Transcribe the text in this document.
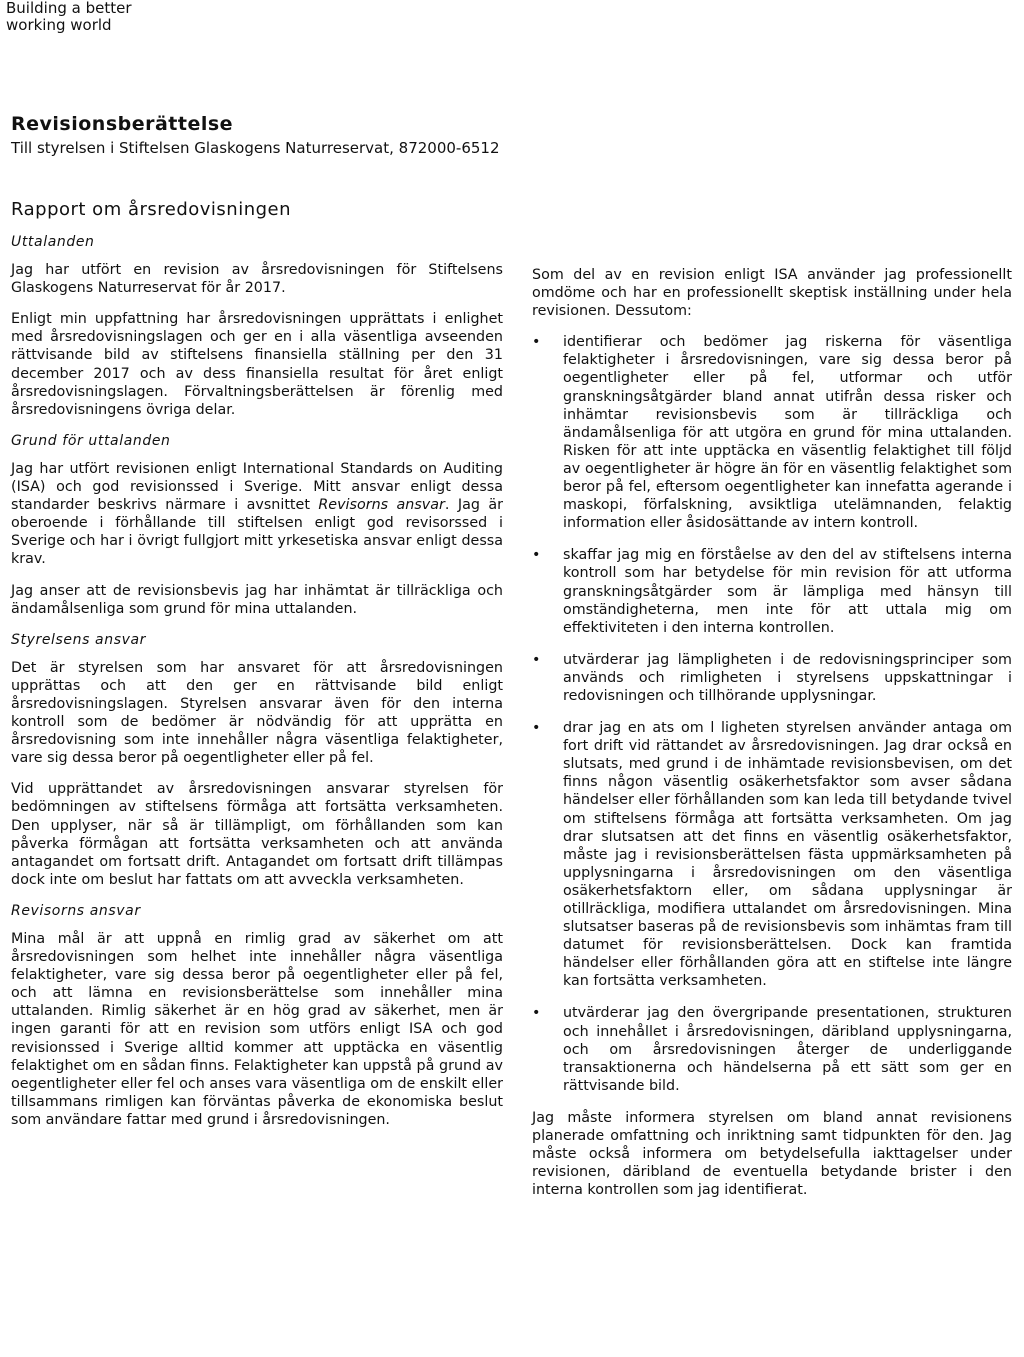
Building a better
working world
Revisionsberättelse
Till styrelsen i Stiftelsen Glaskogens Naturreservat, 872000-6512
Rapport om årsredovisningen
Uttalanden

Jag har utfört en revision av årsredovisningen för Stiftelsens Glaskogens Naturreservat för år 2017.

Enligt min uppfattning har årsredovisningen upprättats i enlighet med årsredovisningslagen och ger en i alla väsentliga avseenden rättvisande bild av stiftelsens finansiella ställning per den 31 december 2017 och av dess finansiella resultat för året enligt årsredovisningslagen. Förvaltningsberättelsen är förenlig med årsredovisningens övriga delar.

Grund för uttalanden

Jag har utfört revisionen enligt International Standards on Auditing (ISA) och god revisionssed i Sverige. Mitt ansvar enligt dessa standarder beskrivs närmare i avsnittet Revisorns ansvar. Jag är oberoende i förhållande till stiftelsen enligt god revisorssed i Sverige och har i övrigt fullgjort mitt yrkesetiska ansvar enligt dessa krav.

Jag anser att de revisionsbevis jag har inhämtat är tillräckliga och ändamålsenliga som grund för mina uttalanden.

Styrelsens ansvar

Det är styrelsen som har ansvaret för att årsredovisningen upprättas och att den ger en rättvisande bild enligt årsredovisningslagen. Styrelsen ansvarar även för den interna kontroll som de bedömer är nödvändig för att upprätta en årsredovisning som inte innehåller några väsentliga felaktigheter, vare sig dessa beror på oegentligheter eller på fel.

Vid upprättandet av årsredovisningen ansvarar styrelsen för bedömningen av stiftelsens förmåga att fortsätta verksamheten. Den upplyser, när så är tillämpligt, om förhållanden som kan påverka förmågan att fortsätta verksamheten och att använda antagandet om fortsatt drift. Antagandet om fortsatt drift tillämpas dock inte om beslut har fattats om att avveckla verksamheten.

Revisorns ansvar

Mina mål är att uppnå en rimlig grad av säkerhet om att årsredovisningen som helhet inte innehåller några väsentliga felaktigheter, vare sig dessa beror på oegentligheter eller på fel, och att lämna en revisionsberättelse som innehåller mina uttalanden. Rimlig säkerhet är en hög grad av säkerhet, men är ingen garanti för att en revision som utförs enligt ISA och god revisionssed i Sverige alltid kommer att upptäcka en väsentlig felaktighet om en sådan finns. Felaktigheter kan uppstå på grund av oegentligheter eller fel och anses vara väsentliga om de enskilt eller tillsammans rimligen kan förväntas påverka de ekonomiska beslut som användare fattar med grund i årsredovisningen.

Som del av en revision enligt ISA använder jag professionellt omdöme och har en professionellt skeptisk inställning under hela revisionen. Dessutom:

• identifierar och bedömer jag riskerna för väsentliga felaktigheter i årsredovisningen, vare sig dessa beror på oegentligheter eller på fel, utformar och utför granskningsåtgärder bland annat utifrån dessa risker och inhämtar revisionsbevis som är tillräckliga och ändamålsenliga för att utgöra en grund för mina uttalanden. Risken för att inte upptäcka en väsentlig felaktighet till följd av oegentligheter är högre än för en väsentlig felaktighet som beror på fel, eftersom oegentligheter kan innefatta agerande i maskopi, förfalskning, avsiktliga utelämnanden, felaktig information eller åsidosättande av intern kontroll.
• skaffar jag mig en förståelse av den del av stiftelsens interna kontroll som har betydelse för min revision för att utforma granskningsåtgärder som är lämpliga med hänsyn till omständigheterna, men inte för att uttala mig om effektiviteten i den interna kontrollen.
• utvärderar jag lämpligheten i de redovisningsprinciper som används och rimligheten i styrelsens uppskattningar i redovisningen och tillhörande upplysningar.
• drar jag en ats om l ligheten styrelsen använder antaga om fort drift vid rättandet av årsredovisningen. Jag drar också en slutsats, med grund i de inhämtade revisionsbevisen, om det finns någon väsentlig osäkerhetsfaktor som avser sådana händelser eller förhållanden som kan leda till betydande tvivel om stiftelsens förmåga att fortsätta verksamheten. Om jag drar slutsatsen att det finns en väsentlig osäkerhetsfaktor, måste jag i revisionsberättelsen fästa uppmärksamheten på upplysningarna i årsredovisningen om den väsentliga osäkerhetsfaktorn eller, om sådana upplysningar är otillräckliga, modifiera uttalandet om årsredovisningen. Mina slutsatser baseras på de revisionsbevis som inhämtas fram till datumet för revisionsberättelsen. Dock kan framtida händelser eller förhållanden göra att en stiftelse inte längre kan fortsätta verksamheten.
• utvärderar jag den övergripande presentationen, strukturen och innehållet i årsredovisningen, däribland upplysningarna, och om årsredovisningen återger de underliggande transaktionerna och händelserna på ett sätt som ger en rättvisande bild.

Jag måste informera styrelsen om bland annat revisionens planerade omfattning och inriktning samt tidpunkten för den. Jag måste också informera om betydelsefulla iakttagelser under revisionen, däribland de eventuella betydande brister i den interna kontrollen som jag identifierat.
